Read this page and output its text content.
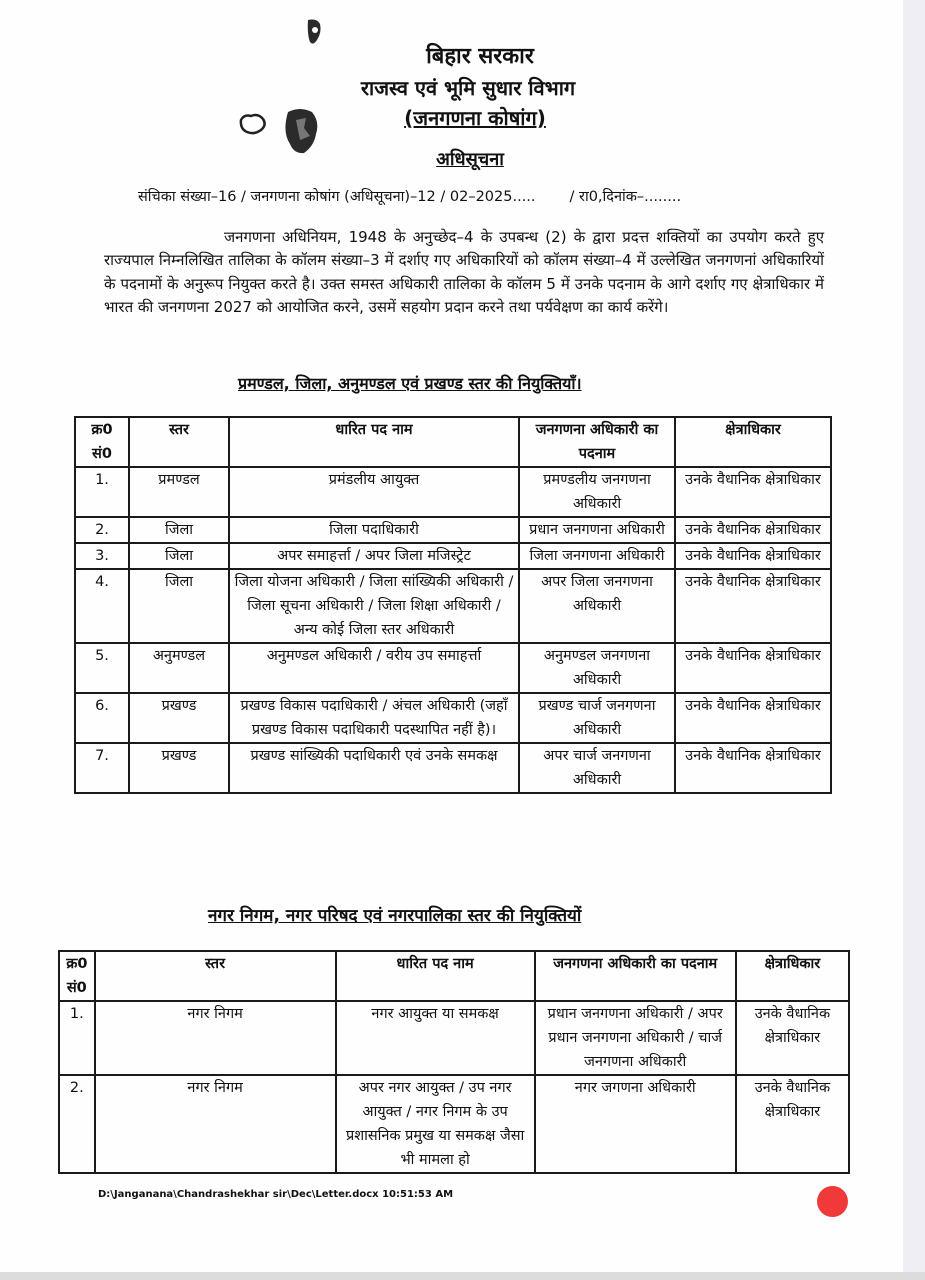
बिहार सरकार
राजस्व एवं भूमि सुधार विभाग
(जनगणना कोषांग)
अधिसूचना
संचिका संख्या–16 / जनगणना कोषांग (अधिसूचना)–12 / 02–2025..... / रा0,दिनांक–........
जनगणना अधिनियम, 1948 के अनुच्छेद–4 के उपबन्ध (2) के द्वारा प्रदत्त शक्तियों का उपयोग करते हुए राज्यपाल निम्नलिखित तालिका के कॉलम संख्या–3 में दर्शाए गए अधिकारियों को कॉलम संख्या–4 में उल्लेखित जनगणनां अधिकारियों के पदनामों के अनुरूप नियुक्त करते है। उक्त समस्त अधिकारी तालिका के कॉलम 5 में उनके पदनाम के आगे दर्शाए गए क्षेत्राधिकार में भारत की जनगणना 2027 को आयोजित करने, उसमें सहयोग प्रदान करने तथा पर्यवेक्षण का कार्य करेंगे।
प्रमण्डल, जिला, अनुमण्डल एवं प्रखण्ड स्तर की नियुक्तियाँ।
क्र0 सं0	स्तर	धारित पद नाम	जनगणना अधिकारी का पदनाम	क्षेत्राधिकार
1.	प्रमण्डल	प्रमंडलीय आयुक्त	प्रमण्डलीय जनगणना अधिकारी	उनके वैधानिक क्षेत्राधिकार
2.	जिला	जिला पदाधिकारी	प्रधान जनगणना अधिकारी	उनके वैधानिक क्षेत्राधिकार
3.	जिला	अपर समाहर्त्ता / अपर जिला मजिस्ट्रेट	जिला जनगणना अधिकारी	उनके वैधानिक क्षेत्राधिकार
4.	जिला	जिला योजना अधिकारी / जिला सांख्यिकी अधिकारी / जिला सूचना अधिकारी / जिला शिक्षा अधिकारी / अन्य कोई जिला स्तर अधिकारी	अपर जिला जनगणना अधिकारी	उनके वैधानिक क्षेत्राधिकार
5.	अनुमण्डल	अनुमण्डल अधिकारी / वरीय उप समाहर्त्ता	अनुमण्डल जनगणना अधिकारी	उनके वैधानिक क्षेत्राधिकार
6.	प्रखण्ड	प्रखण्ड विकास पदाधिकारी / अंचल अधिकारी (जहाँ प्रखण्ड विकास पदाधिकारी पदस्थापित नहीं है)।	प्रखण्ड चार्ज जनगणना अधिकारी	उनके वैधानिक क्षेत्राधिकार
7.	प्रखण्ड	प्रखण्ड सांख्यिकी पदाधिकारी एवं उनके समकक्ष	अपर चार्ज जनगणना अधिकारी	उनके वैधानिक क्षेत्राधिकार
नगर निगम, नगर परिषद एवं नगरपालिका स्तर की नियुक्तियों
क्र0 सं0	स्तर	धारित पद नाम	जनगणना अधिकारी का पदनाम	क्षेत्राधिकार
1.	नगर निगम	नगर आयुक्त या समकक्ष	प्रधान जनगणना अधिकारी / अपर प्रधान जनगणना अधिकारी / चार्ज जनगणना अधिकारी	उनके वैधानिक क्षेत्राधिकार
2.	नगर निगम	अपर नगर आयुक्त / उप नगर आयुक्त / नगर निगम के उप प्रशासनिक प्रमुख या समकक्ष जैसा भी मामला हो	नगर जगणना अधिकारी	उनके वैधानिक क्षेत्राधिकार
D:\Janganana\Chandrashekhar sir\Dec\Letter.docx 10:51:53 AM
